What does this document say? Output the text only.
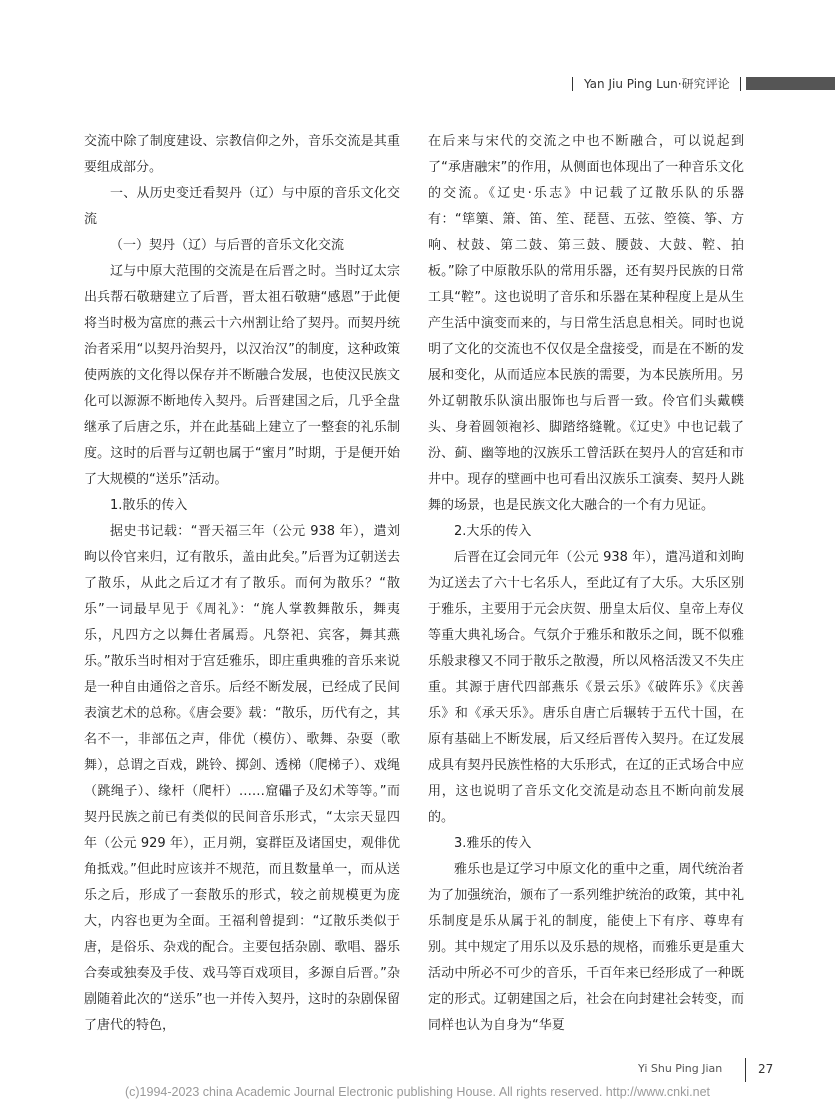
Yan Jiu Ping Lun·研究评论

交流中除了制度建设、宗教信仰之外，音乐交流是其重要组成部分。

一、从历史变迁看契丹（辽）与中原的音乐文化交流

（一）契丹（辽）与后晋的音乐文化交流

辽与中原大范围的交流是在后晋之时。当时辽太宗出兵帮石敬瑭建立了后晋，晋太祖石敬瑭“感恩”于此便将当时极为富庶的燕云十六州割让给了契丹。而契丹统治者采用“以契丹治契丹，以汉治汉”的制度，这种政策使两族的文化得以保存并不断融合发展，也使汉民族文化可以源源不断地传入契丹。后晋建国之后，几乎全盘继承了后唐之乐，并在此基础上建立了一整套的礼乐制度。这时的后晋与辽朝也属于“蜜月”时期，于是便开始了大规模的“送乐”活动。

1.散乐的传入

据史书记载：“晋天福三年（公元 938 年），遣刘昫以伶官来归，辽有散乐，盖由此矣。”后晋为辽朝送去了散乐，从此之后辽才有了散乐。而何为散乐？“散乐”一词最早见于《周礼》：“旄人掌教舞散乐，舞夷乐，凡四方之以舞仕者属焉。凡祭祀、宾客，舞其燕乐。”散乐当时相对于宫廷雅乐，即庄重典雅的音乐来说是一种自由通俗之音乐。后经不断发展，已经成了民间表演艺术的总称。《唐会要》载：“散乐，历代有之，其名不一，非部伍之声，俳优（模仿）、歌舞、杂耍（歌舞），总谓之百戏，跳铃、掷剑、透梯（爬梯子）、戏绳（跳绳子）、缘杆（爬杆）……窟礧子及幻术等等。”而契丹民族之前已有类似的民间音乐形式，“太宗天显四年（公元 929 年），正月朔，宴群臣及诸国史，观俳优角抵戏。”但此时应该并不规范，而且数量单一，而从送乐之后，形成了一套散乐的形式，较之前规模更为庞大，内容也更为全面。王福利曾提到：“辽散乐类似于唐，是俗乐、杂戏的配合。主要包括杂剧、歌唱、器乐合奏或独奏及手伎、戏马等百戏项目，多源自后晋。”杂剧随着此次的“送乐”也一并传入契丹，这时的杂剧保留了唐代的特色，

在后来与宋代的交流之中也不断融合，可以说起到了“承唐融宋”的作用，从侧面也体现出了一种音乐文化的交流。《辽史·乐志》中记载了辽散乐队的乐器有：“筚篥、箫、笛、笙、琵琶、五弦、箜篌、筝、方响、杖鼓、第二鼓、第三鼓、腰鼓、大鼓、鞚、拍板。”除了中原散乐队的常用乐器，还有契丹民族的日常工具“鞚”。这也说明了音乐和乐器在某种程度上是从生产生活中演变而来的，与日常生活息息相关。同时也说明了文化的交流也不仅仅是全盘接受，而是在不断的发展和变化，从而适应本民族的需要，为本民族所用。另外辽朝散乐队演出服饰也与后晋一致。伶官们头戴幞头、身着圆领袍衫、脚踏络缝靴。《辽史》中也记载了汾、蓟、幽等地的汉族乐工曾活跃在契丹人的宫廷和市井中。现存的壁画中也可看出汉族乐工演奏、契丹人跳舞的场景，也是民族文化大融合的一个有力见证。

2.大乐的传入

后晋在辽会同元年（公元 938 年），遣冯道和刘昫为辽送去了六十七名乐人，至此辽有了大乐。大乐区别于雅乐，主要用于元会庆贺、册皇太后仪、皇帝上寿仪等重大典礼场合。气氛介于雅乐和散乐之间，既不似雅乐般隶穆又不同于散乐之散漫，所以风格活泼又不失庄重。其源于唐代四部燕乐《景云乐》《破阵乐》《庆善乐》和《承天乐》。唐乐自唐亡后辗转于五代十国，在原有基础上不断发展，后又经后晋传入契丹。在辽发展成具有契丹民族性格的大乐形式，在辽的正式场合中应用，这也说明了音乐文化交流是动态且不断向前发展的。

3.雅乐的传入

雅乐也是辽学习中原文化的重中之重，周代统治者为了加强统治，颁布了一系列维护统治的政策，其中礼乐制度是乐从属于礼的制度，能使上下有序、尊卑有别。其中规定了用乐以及乐悬的规格，而雅乐更是重大活动中所必不可少的音乐，千百年来已经形成了一种既定的形式。辽朝建国之后，社会在向封建社会转变，而同样也认为自身为“华夏

Yi Shu Ping Jian	27
(c)1994-2023 china Academic Journal Electronic publishing House. All rights reserved. http://www.cnki.net
